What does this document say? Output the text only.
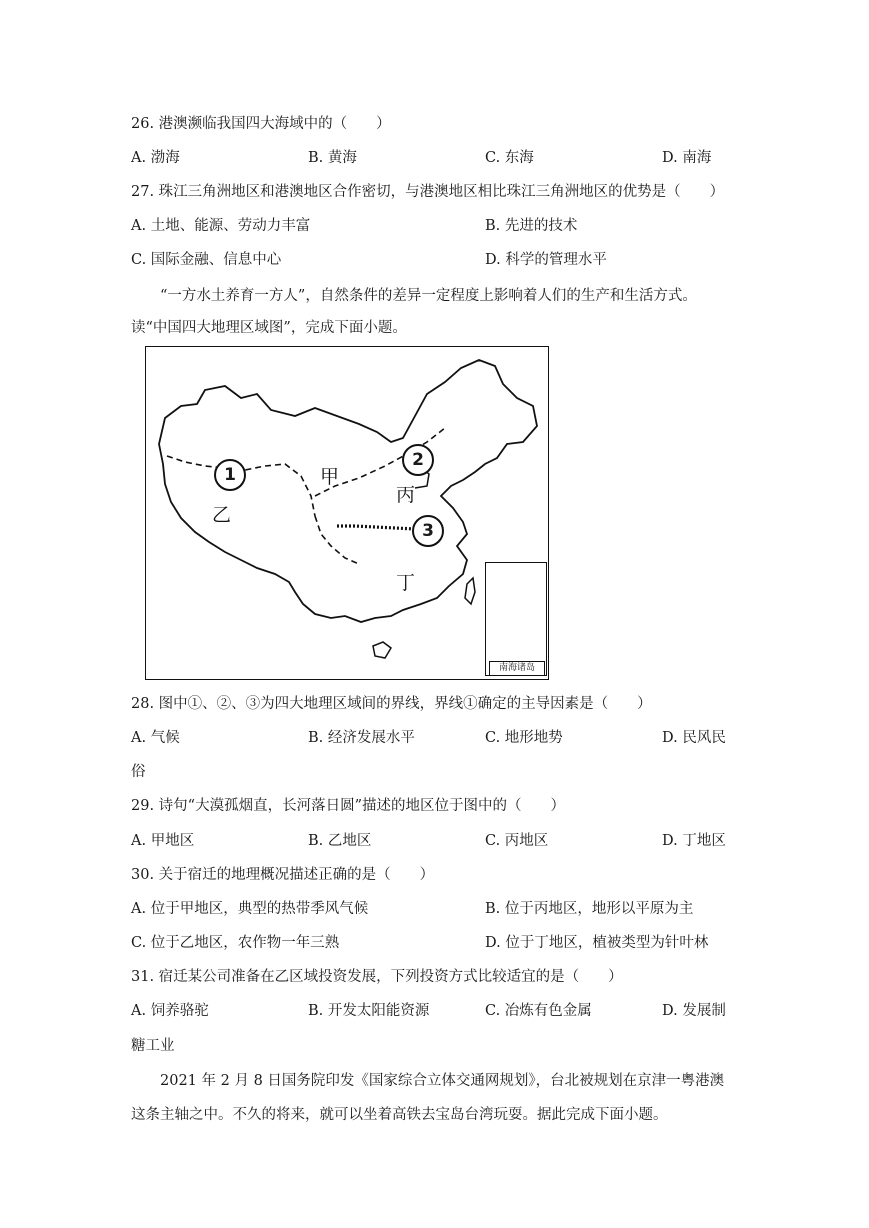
26. 港澳濒临我国四大海域中的（　　）
A. 渤海	B. 黄海	C. 东海	D. 南海
27. 珠江三角洲地区和港澳地区合作密切，与港澳地区相比珠江三角洲地区的优势是（　　）
A. 土地、能源、劳动力丰富	B. 先进的技术
C. 国际金融、信息中心	D. 科学的管理水平
“一方水土养育一方人”，自然条件的差异一定程度上影响着人们的生产和生活方式。
读“中国四大地理区域图”，完成下面小题。
南海诸岛
1
2
3
甲
乙
丙
丁
28. 图中①、②、③为四大地理区域间的界线，界线①确定的主导因素是（　　）
A. 气候	B. 经济发展水平	C. 地形地势	D. 民风民
俗
29. 诗句“大漠孤烟直，长河落日圆”描述的地区位于图中的（　　）
A. 甲地区	B. 乙地区	C. 丙地区	D. 丁地区
30. 关于宿迁的地理概况描述正确的是（　　）
A. 位于甲地区，典型的热带季风气候	B. 位于丙地区，地形以平原为主
C. 位于乙地区，农作物一年三熟	D. 位于丁地区，植被类型为针叶林
31. 宿迁某公司准备在乙区域投资发展，下列投资方式比较适宜的是（　　）
A. 饲养骆驼	B. 开发太阳能资源	C. 冶炼有色金属	D. 发展制
糖工业
2021 年 2 月 8 日国务院印发《国家综合立体交通网规划》，台北被规划在京津一粤港澳
这条主轴之中。不久的将来，就可以坐着高铁去宝岛台湾玩耍。据此完成下面小题。
